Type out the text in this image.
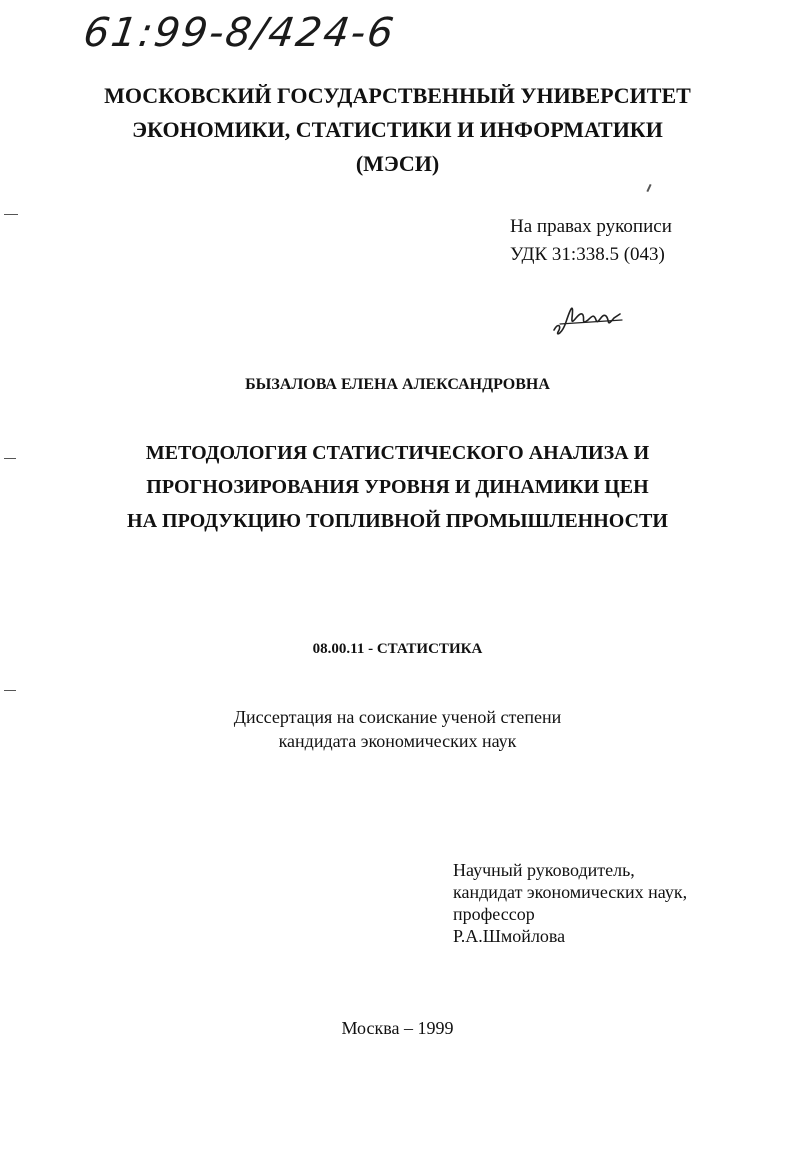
61:99-8/424-6
МОСКОВСКИЙ ГОСУДАРСТВЕННЫЙ УНИВЕРСИТЕТ
ЭКОНОМИКИ, СТАТИСТИКИ И ИНФОРМАТИКИ
(МЭСИ)
На правах рукописи
УДК 31:338.5 (043)
БЫЗАЛОВА ЕЛЕНА АЛЕКСАНДРОВНА
МЕТОДОЛОГИЯ СТАТИСТИЧЕСКОГО АНАЛИЗА И
ПРОГНОЗИРОВАНИЯ УРОВНЯ И ДИНАМИКИ ЦЕН
НА ПРОДУКЦИЮ ТОПЛИВНОЙ ПРОМЫШЛЕННОСТИ
08.00.11 - СТАТИСТИКА
Диссертация на соискание ученой степени
кандидата экономических наук
Научный руководитель,
кандидат экономических наук,
профессор
Р.А.Шмойлова
Москва – 1999
